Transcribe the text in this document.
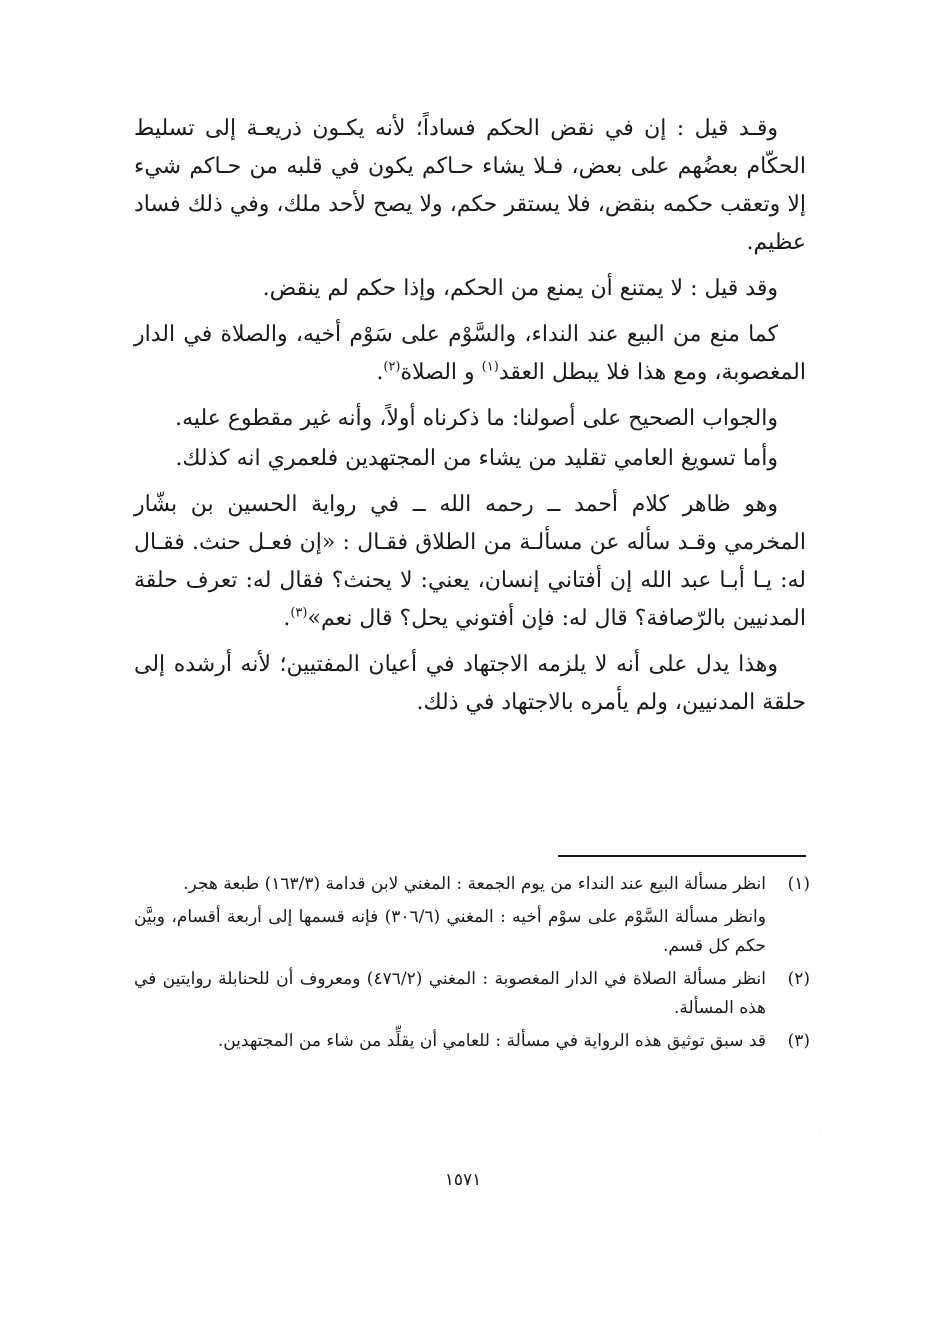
وقـد قيل : إن في نقض الحكم فساداً؛ لأنه يكـون ذريعـة إلى تسليط الحكّام بعضُهم على بعض، فـلا يشاء حـاكم يكون في قلبه من حـاكم شيء إلا وتعقب حكمه بنقض، فلا يستقر حكم، ولا يصح لأحد ملك، وفي ذلك فساد عظيم.

وقد قيل : لا يمتنع أن يمنع من الحكم، وإذا حكم لم ينقض.

كما منع من البيع عند النداء، والسَّوْم على سَوْم أخيه، والصلاة في الدار المغصوبة، ومع هذا فلا يبطل العقد$^{(١)}$ و الصلاة$^{(٢)}$.

والجواب الصحيح على أصولنا: ما ذكرناه أولاً، وأنه غير مقطوع عليه.

وأما تسويغ العامي تقليد من يشاء من المجتهدين فلعمري انه كذلك.

وهو ظاهر كلام أحمد ــ رحمه الله ــ في رواية الحسين بن بشّار المخرمي وقـد سأله عن مسألـة من الطلاق فقـال : «إن فعـل حنث. فقـال له: يـا أبـا عبد الله إن أفتاني إنسان، يعني: لا يحنث؟ فقال له: تعرف حلقة المدنيين بالرّصافة؟ قال له: فإن أفتوني يحل؟ قال نعم»$^{(٣)}$.

وهذا يدل على أنه لا يلزمه الاجتهاد في أعيان المفتيين؛ لأنه أرشده إلى حلقة المدنيين، ولم يأمره بالاجتهاد في ذلك.

(١)
انظر مسألة البيع عند النداء من يوم الجمعة : المغني لابن قدامة (١٦٣/٣) طبعة هجر.
وانظر مسألة السَّوْم على سوْم أخيه : المغني (٣٠٦/٦) فإنه قسمها إلى أربعة أقسام، وبيَّن حكم كل قسم.
(٢)
انظر مسألة الصلاة في الدار المغصوبة : المغني (٤٧٦/٢) ومعروف أن للحنابلة روايتين في هذه المسألة.
(٣)
قد سبق توثيق هذه الرواية في مسألة : للعامي أن يقلِّد من شاء من المجتهدين.
١٥٧١
